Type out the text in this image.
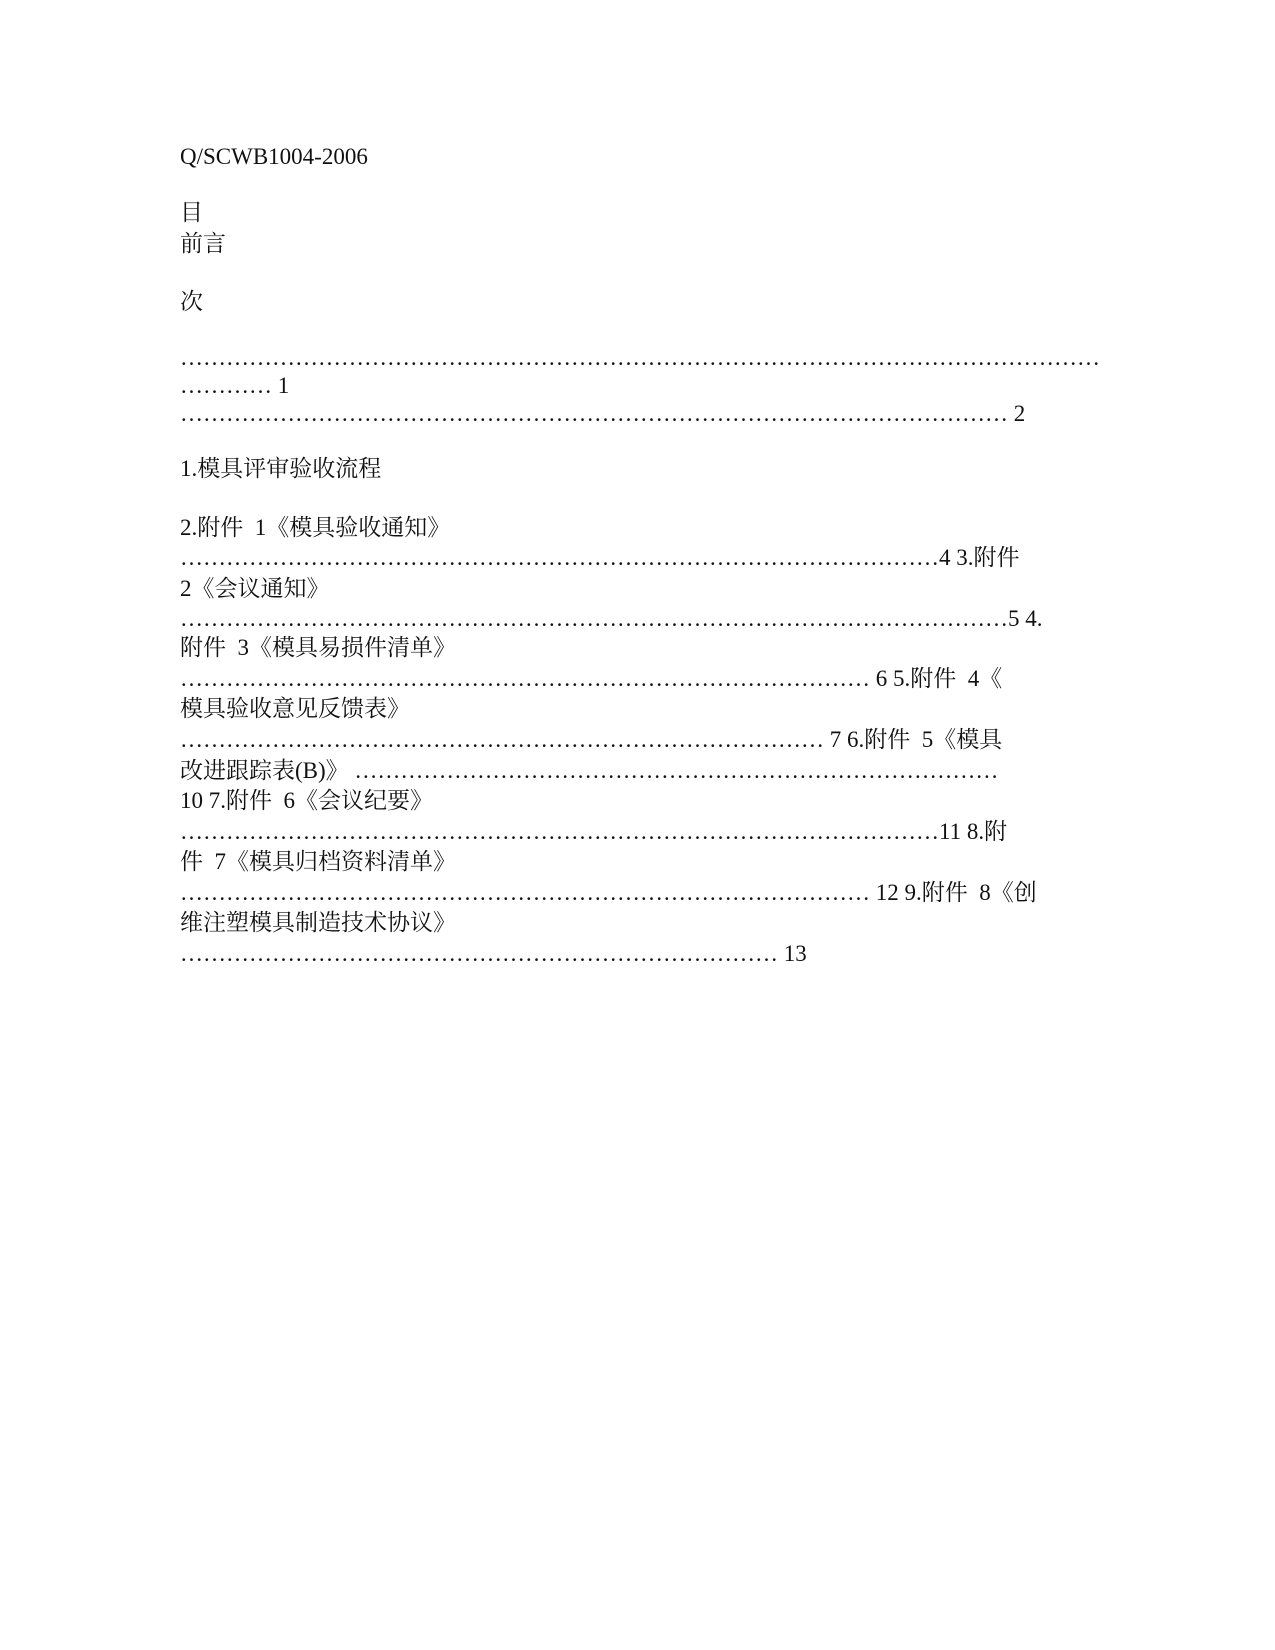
Q/SCWB1004-2006
目
前言
次
…………………………………………………………………………………………………………
………… 1
……………………………………………………………………………………………… 2
1.模具评审验收流程
2.附件  1《模具验收通知》
………………………………………………………………………………………4 3.附件
2《会议通知》
………………………………………………………………………………………………5 4.
附件  3《模具易损件清单》
……………………………………………………………………………… 6 5.附件  4《
模具验收意见反馈表》
………………………………………………………………………… 7 6.附件  5《模具
改进跟踪表(B)》 …………………………………………………………………………
10 7.附件  6《会议纪要》
………………………………………………………………………………………11 8.附
件  7《模具归档资料清单》
……………………………………………………………………………… 12 9.附件  8《创
维注塑模具制造技术协议》
…………………………………………………………………… 13
